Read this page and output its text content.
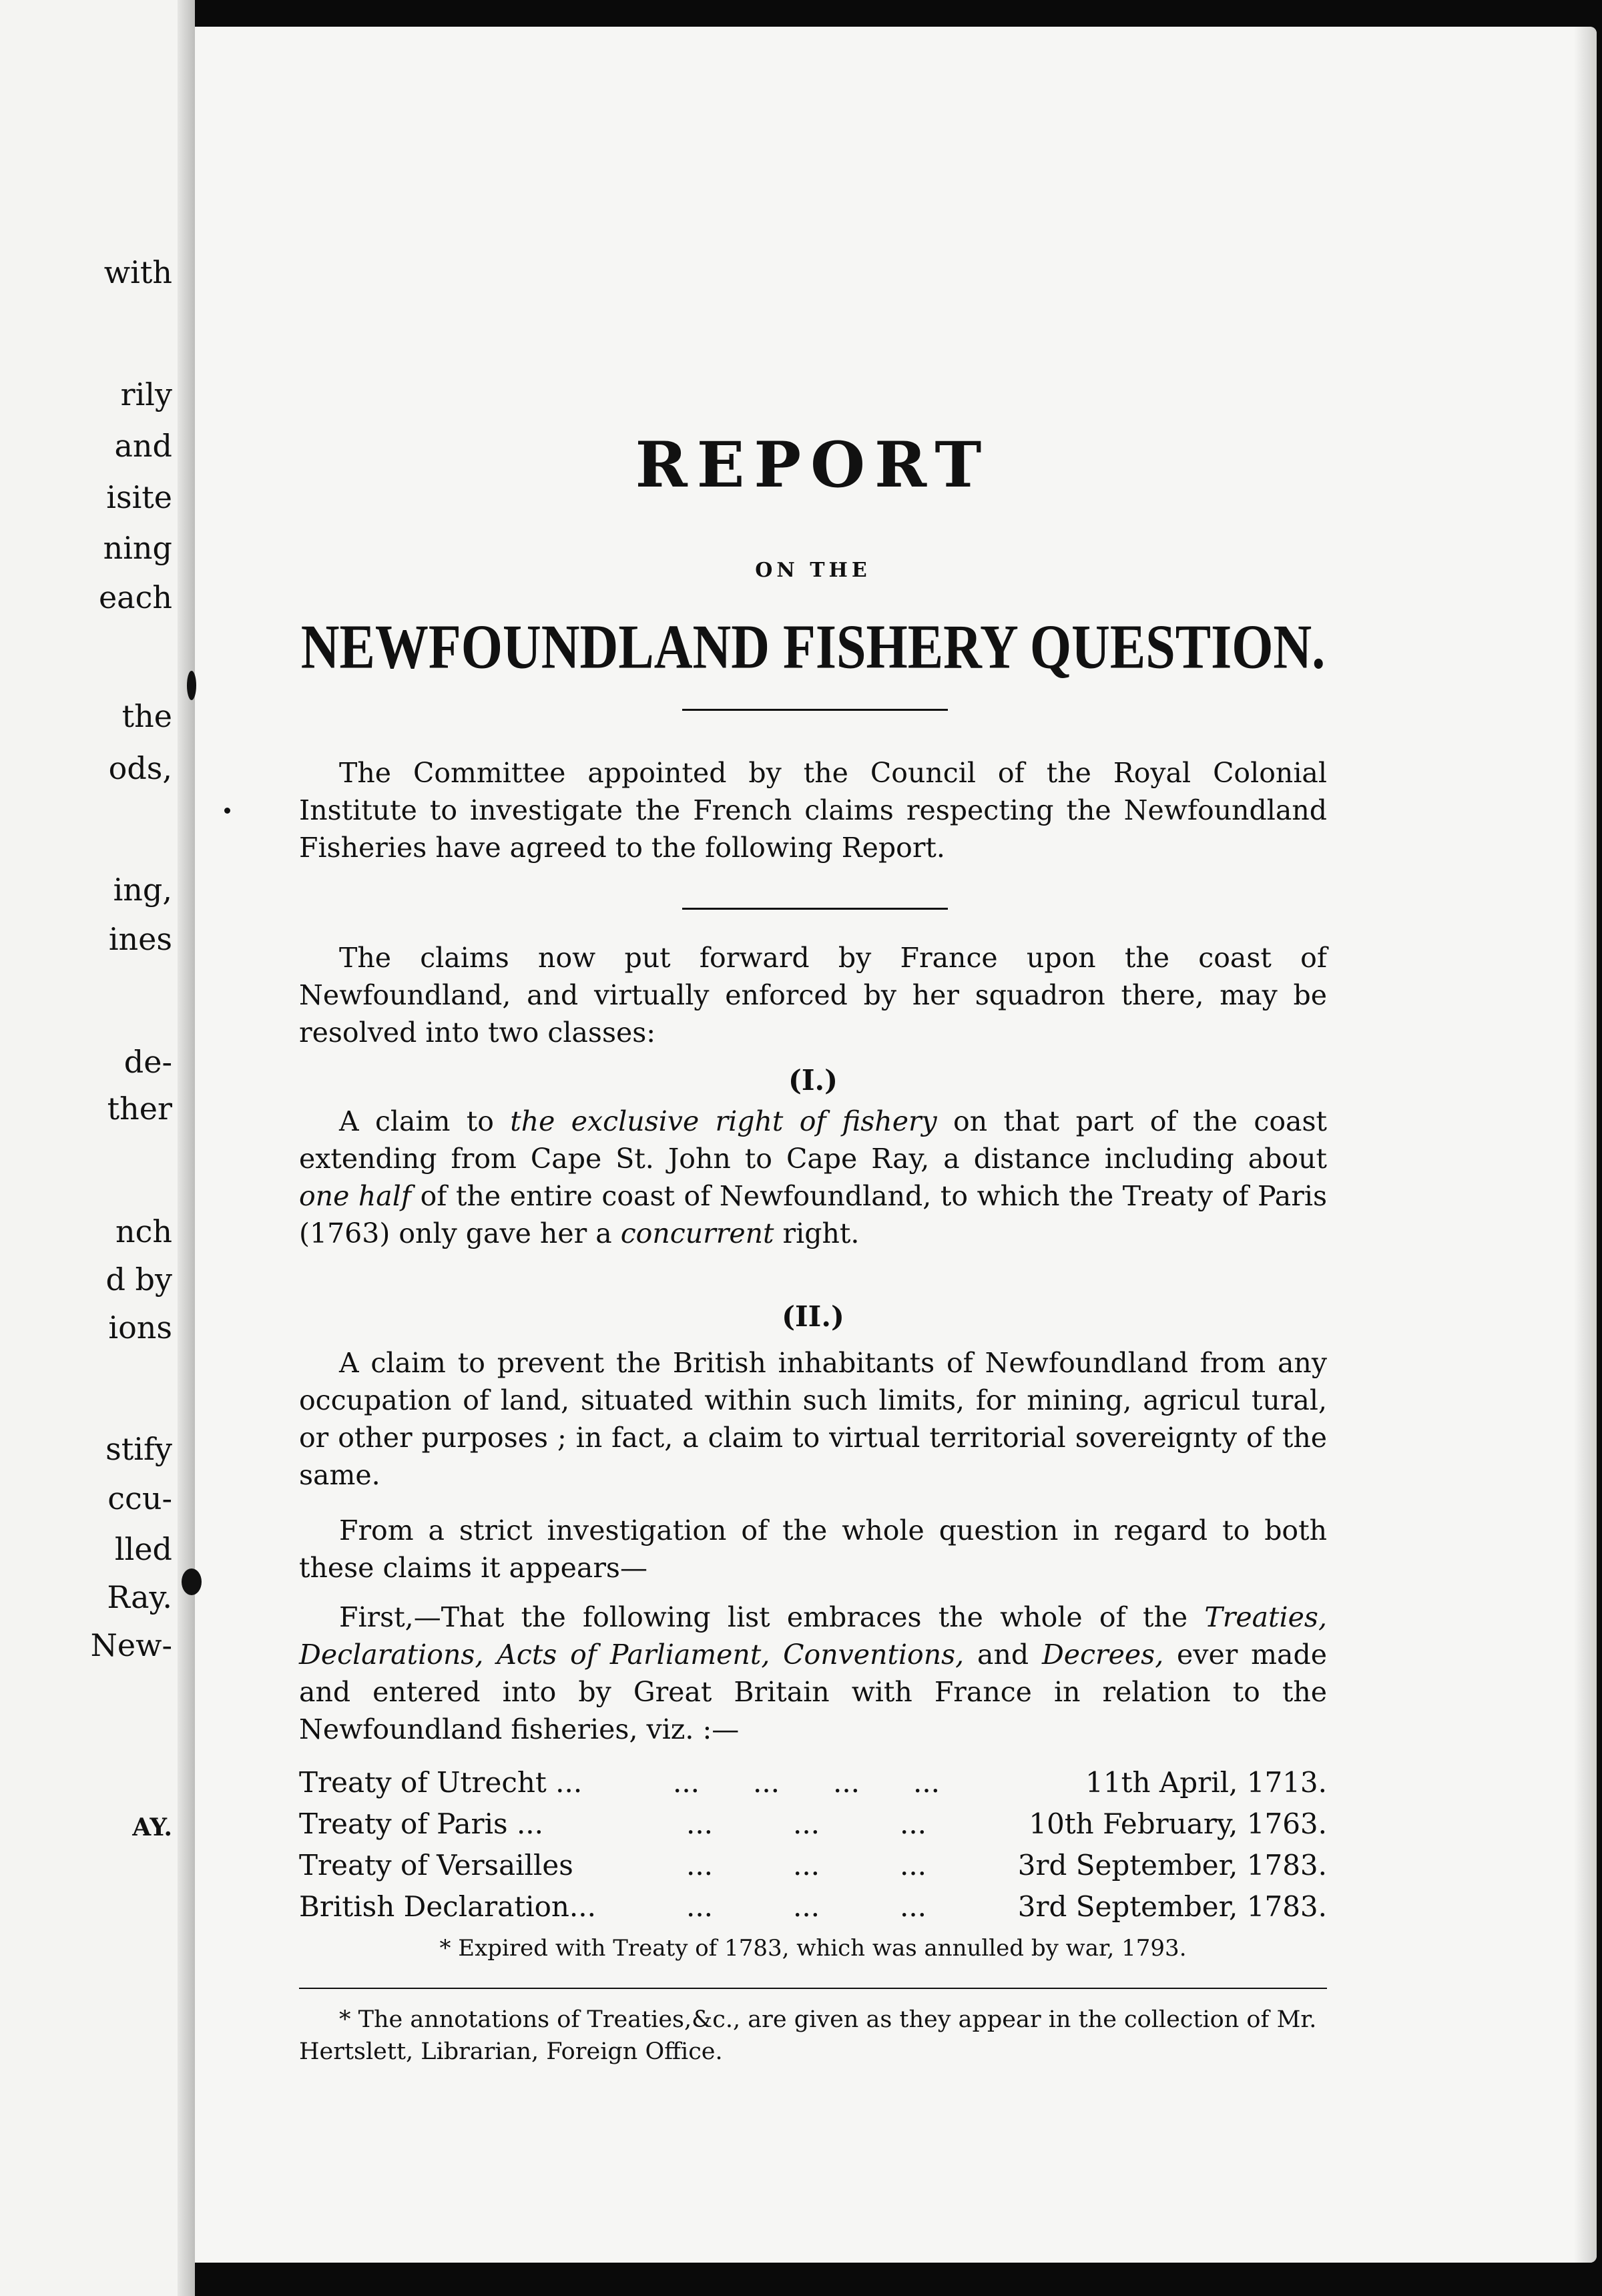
with
rily
and
isite
ning
each
the
ods,
ing,
ines
de-
ther
nch
d by
ions
stify
ccu-
lled
Ray.
New-
AY.
REPORT
ON THE
NEWFOUNDLAND FISHERY QUESTION.
The Committee appointed by the Council of the Royal Colonial Institute to investigate the French claims respecting the Newfoundland Fisheries have agreed to the following Report.
The claims now put forward by France upon the coast of Newfoundland, and virtually enforced by her squadron there, may be resolved into two classes:
(I.)
A claim to the exclusive right of fishery on that part of the coast extending from Cape St. John to Cape Ray, a distance including about one half of the entire coast of Newfoundland, to which the Treaty of Paris (1763) only gave her a concurrent right.
(II.)
A claim to prevent the British inhabitants of Newfoundland from any occupation of land, situated within such limits, for mining, agricul tural, or other purposes ; in fact, a claim to virtual territorial sovereignty of the same.
From a strict investigation of the whole question in regard to both these claims it appears—
First,—That the following list embraces the whole of the Treaties, Declarations, Acts of Parliament, Conventions, and Decrees, ever made and entered into by Great Britain with France in relation to the Newfoundland fisheries, viz. :—
Treaty of Utrecht ...	... ... ... ...	11th April, 1713.
Treaty of Paris ...	...	...	...	10th February, 1763.
Treaty of Versailles	...	...	...	3rd September, 1783.
British Declaration...	...	...	...	3rd September, 1783.
* Expired with Treaty of 1783, which was annulled by war, 1793.
* The annotations of Treaties,&c., are given as they appear in the collection of Mr. Hertslett, Librarian, Foreign Office.
